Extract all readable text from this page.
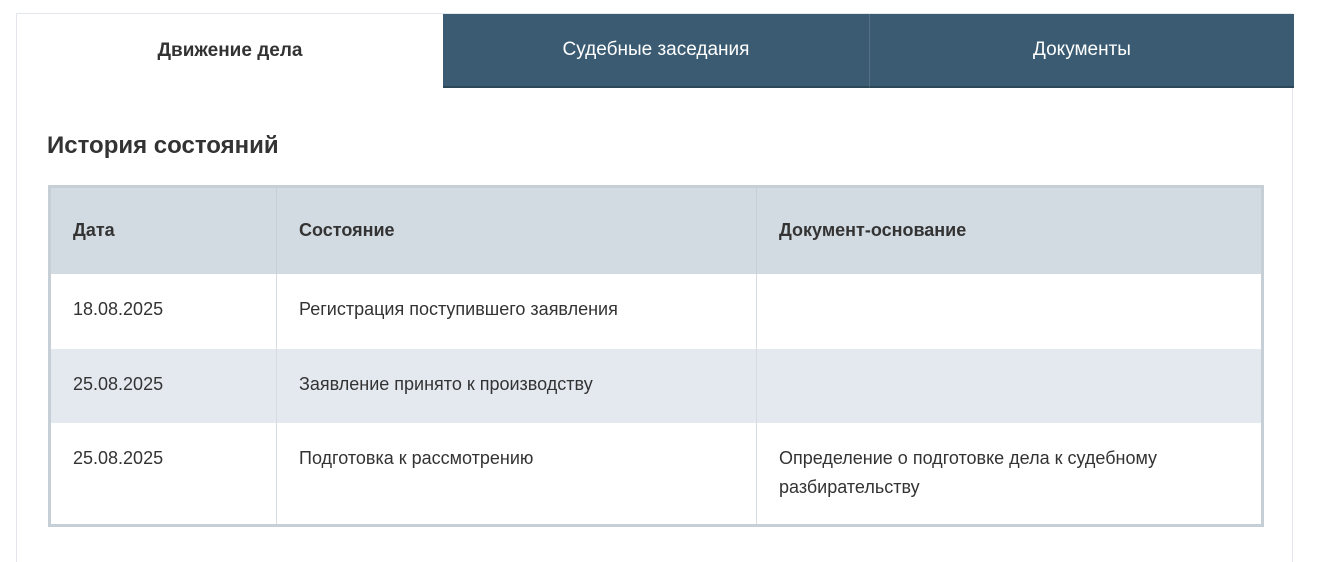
Движение дела	Судебные заседания	Документы
История состояний
Дата	Состояние	Документ-основание

18.08.2025	Регистрация поступившего заявления	

25.08.2025	Заявление принято к производству	

25.08.2025	Подготовка к рассмотрению	Определение о подготовке дела к судебному разбирательству
